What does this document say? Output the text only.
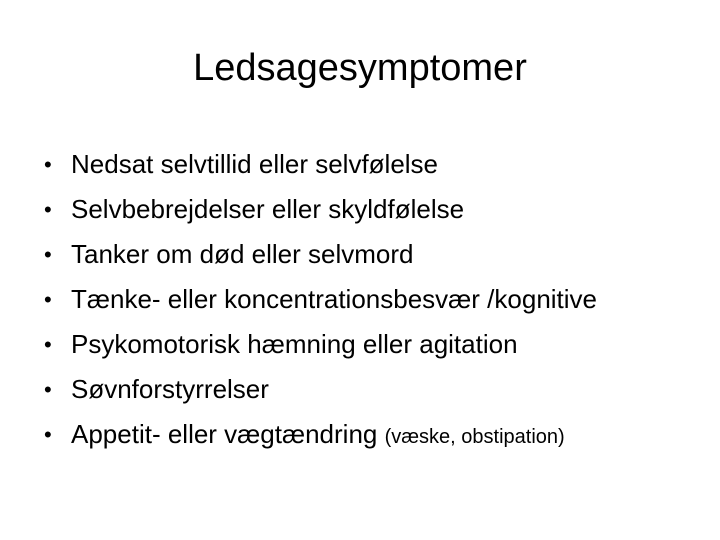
Ledsagesymptomer
• Nedsat selvtillid eller selvfølelse
• Selvbebrejdelser eller skyldfølelse
• Tanker om død eller selvmord
• Tænke- eller koncentrationsbesvær /kognitive
• Psykomotorisk hæmning eller agitation
• Søvnforstyrrelser
• Appetit- eller vægtændring (væske, obstipation)
